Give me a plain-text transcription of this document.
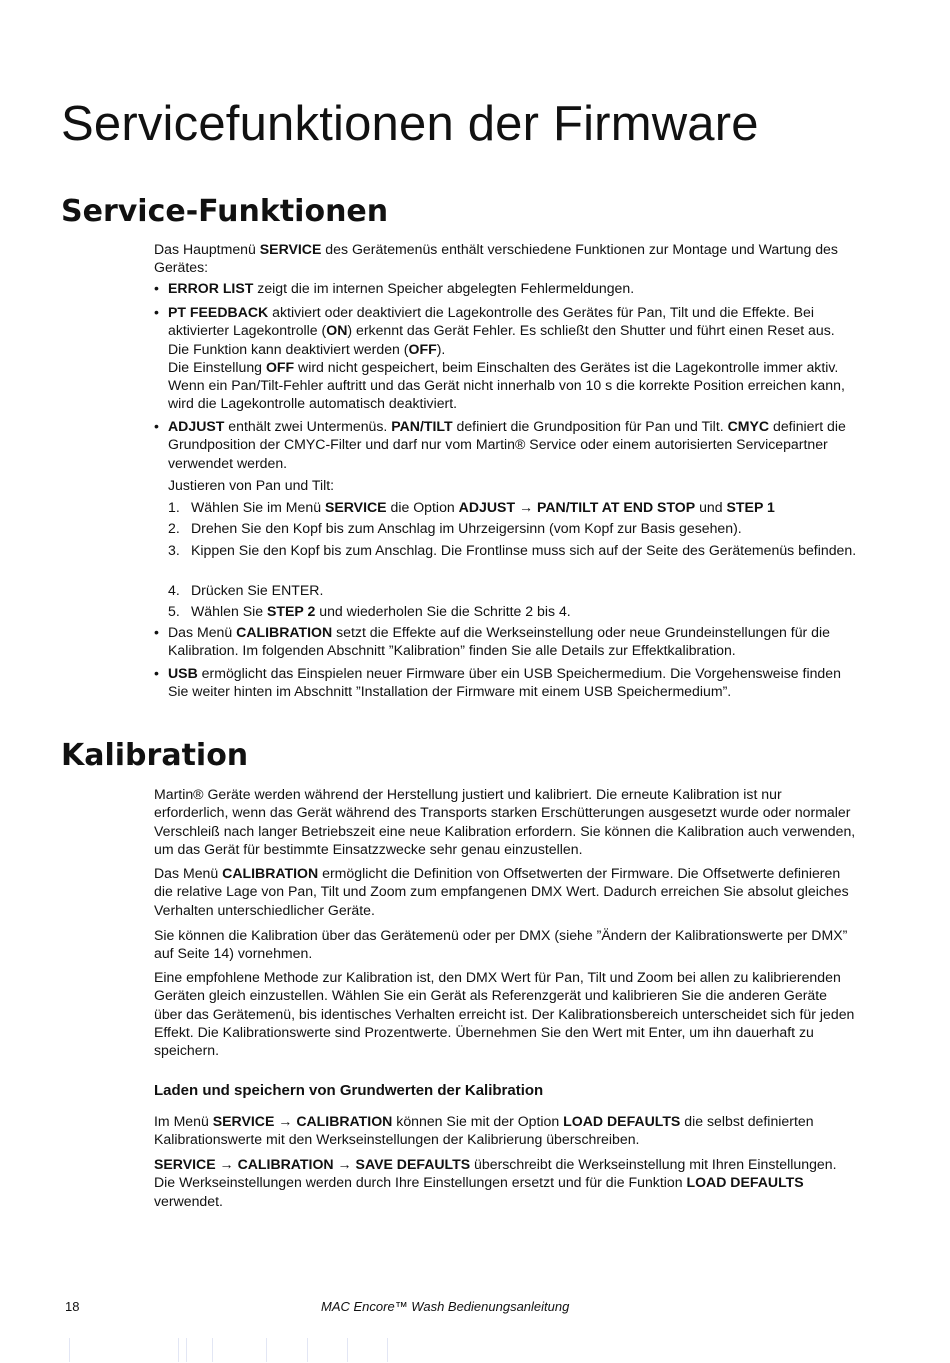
Servicefunktionen der Firmware
Service-Funktionen

Das Hauptmenü SERVICE des Gerätemenüs enthält verschiedene Funktionen zur Montage und Wartung des Gerätes:

• ERROR LIST zeigt die im internen Speicher abgelegten Fehlermeldungen.
• PT FEEDBACK aktiviert oder deaktiviert die Lagekontrolle des Gerätes für Pan, Tilt und die Effekte. Bei aktivierter Lagekontrolle (ON) erkennt das Gerät Fehler. Es schließt den Shutter und führt einen Reset aus. Die Funktion kann deaktiviert werden (OFF).
Die Einstellung OFF wird nicht gespeichert, beim Einschalten des Gerätes ist die Lagekontrolle immer aktiv. Wenn ein Pan/Tilt-Fehler auftritt und das Gerät nicht innerhalb von 10 s die korrekte Position erreichen kann, wird die Lagekontrolle automatisch deaktiviert.
• ADJUST enthält zwei Untermenüs. PAN/TILT definiert die Grundposition für Pan und Tilt. CMYC definiert die Grundposition der CMYC-Filter und darf nur vom Martin® Service oder einem autorisierten Servicepartner verwendet werden.

Justieren von Pan und Tilt:

1. Wählen Sie im Menü SERVICE die Option ADJUST → PAN/TILT AT END STOP und STEP 1
2. Drehen Sie den Kopf bis zum Anschlag im Uhrzeigersinn (vom Kopf zur Basis gesehen).
3. Kippen Sie den Kopf bis zum Anschlag. Die Frontlinse muss sich auf der Seite des Gerätemenüs befinden.
4. Drücken Sie ENTER.
5. Wählen Sie STEP 2 und wiederholen Sie die Schritte 2 bis 4.
• Das Menü CALIBRATION setzt die Effekte auf die Werkseinstellung oder neue Grundeinstellungen für die Kalibration. Im folgenden Abschnitt ”Kalibration” finden Sie alle Details zur Effektkalibration.
• USB ermöglicht das Einspielen neuer Firmware über ein USB Speichermedium. Die Vorgehensweise finden Sie weiter hinten im Abschnitt ”Installation der Firmware mit einem USB Speichermedium”.
Kalibration

Martin® Geräte werden während der Herstellung justiert und kalibriert. Die erneute Kalibration ist nur erforderlich, wenn das Gerät während des Transports starken Erschütterungen ausgesetzt wurde oder normaler Verschleiß nach langer Betriebszeit eine neue Kalibration erfordern. Sie können die Kalibration auch verwenden, um das Gerät für bestimmte Einsatzzwecke sehr genau einzustellen.

Das Menü CALIBRATION ermöglicht die Definition von Offsetwerten der Firmware. Die Offsetwerte definieren die relative Lage von Pan, Tilt und Zoom zum empfangenen DMX Wert. Dadurch erreichen Sie absolut gleiches Verhalten unterschiedlicher Geräte.

Sie können die Kalibration über das Gerätemenü oder per DMX (siehe ”Ändern der Kalibrationswerte per DMX” auf Seite 14) vornehmen.

Eine empfohlene Methode zur Kalibration ist, den DMX Wert für Pan, Tilt und Zoom bei allen zu kalibrierenden Geräten gleich einzustellen. Wählen Sie ein Gerät als Referenzgerät und kalibrieren Sie die anderen Geräte über das Gerätemenü, bis identisches Verhalten erreicht ist. Der Kalibrationsbereich unterscheidet sich für jeden Effekt. Die Kalibrationswerte sind Prozentwerte. Übernehmen Sie den Wert mit Enter, um ihn dauerhaft zu speichern.

Laden und speichern von Grundwerten der Kalibration

Im Menü SERVICE → CALIBRATION können Sie mit der Option LOAD DEFAULTS die selbst definierten Kalibrationswerte mit den Werkseinstellungen der Kalibrierung überschreiben.

SERVICE → CALIBRATION → SAVE DEFAULTS überschreibt die Werkseinstellung mit Ihren Einstellungen. Die Werkseinstellungen werden durch Ihre Einstellungen ersetzt und für die Funktion LOAD DEFAULTS verwendet.

18	MAC Encore™ Wash Bedienungsanleitung
